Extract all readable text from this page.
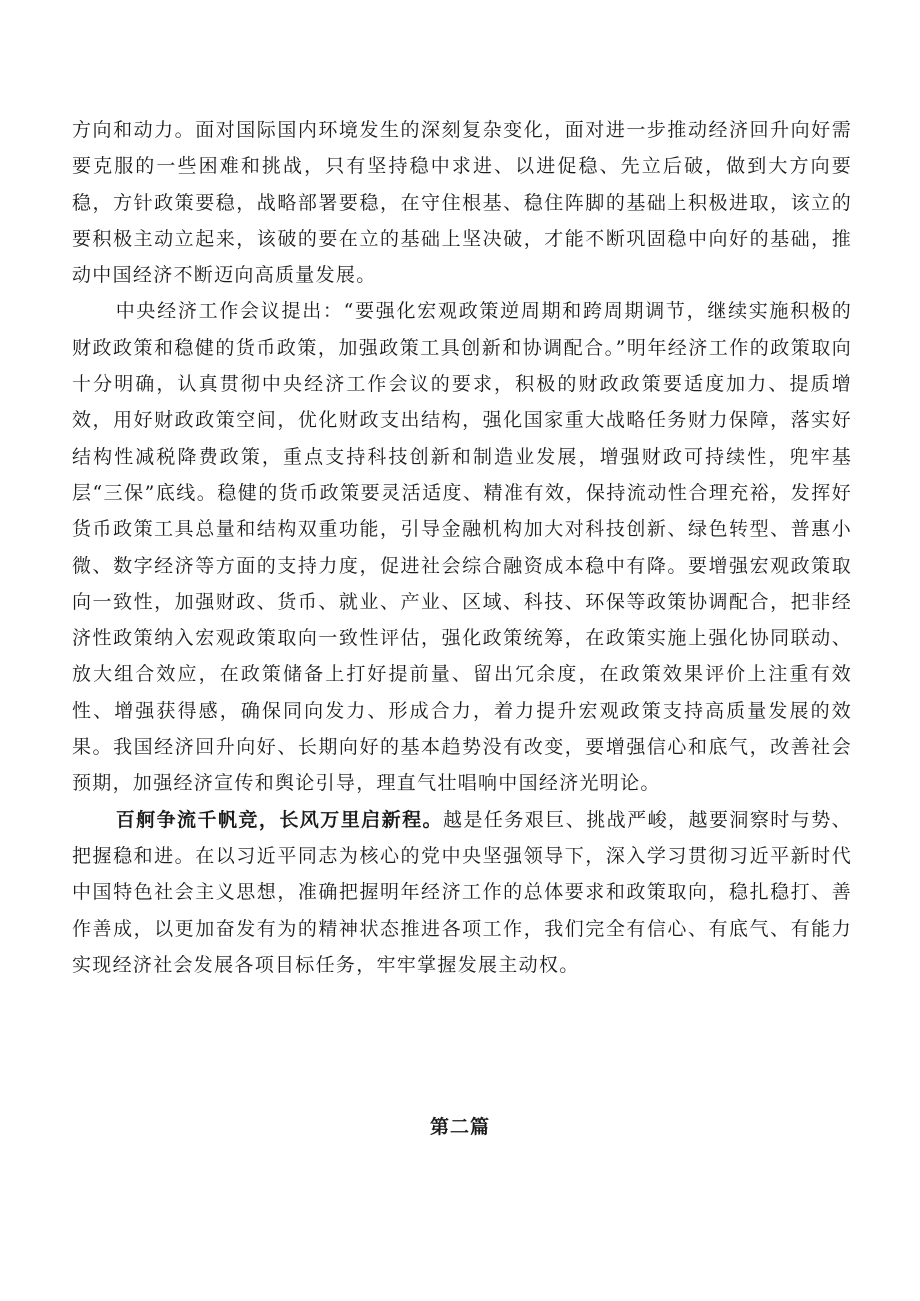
方向和动力。面对国际国内环境发生的深刻复杂变化，面对进一步推动经济回升向好需要克服的一些困难和挑战，只有坚持稳中求进、以进促稳、先立后破，做到大方向要稳，方针政策要稳，战略部署要稳，在守住根基、稳住阵脚的基础上积极进取，该立的要积极主动立起来，该破的要在立的基础上坚决破，才能不断巩固稳中向好的基础，推动中国经济不断迈向高质量发展。

中央经济工作会议提出：“要强化宏观政策逆周期和跨周期调节，继续实施积极的财政政策和稳健的货币政策，加强政策工具创新和协调配合。”明年经济工作的政策取向十分明确，认真贯彻中央经济工作会议的要求，积极的财政政策要适度加力、提质增效，用好财政政策空间，优化财政支出结构，强化国家重大战略任务财力保障，落实好结构性减税降费政策，重点支持科技创新和制造业发展，增强财政可持续性，兜牢基层“三保”底线。稳健的货币政策要灵活适度、精准有效，保持流动性合理充裕，发挥好货币政策工具总量和结构双重功能，引导金融机构加大对科技创新、绿色转型、普惠小微、数字经济等方面的支持力度，促进社会综合融资成本稳中有降。要增强宏观政策取向一致性，加强财政、货币、就业、产业、区域、科技、环保等政策协调配合，把非经济性政策纳入宏观政策取向一致性评估，强化政策统筹，在政策实施上强化协同联动、放大组合效应，在政策储备上打好提前量、留出冗余度，在政策效果评价上注重有效性、增强获得感，确保同向发力、形成合力，着力提升宏观政策支持高质量发展的效果。我国经济回升向好、长期向好的基本趋势没有改变，要增强信心和底气，改善社会预期，加强经济宣传和舆论引导，理直气壮唱响中国经济光明论。

百舸争流千帆竞，长风万里启新程。越是任务艰巨、挑战严峻，越要洞察时与势、把握稳和进。在以习近平同志为核心的党中央坚强领导下，深入学习贯彻习近平新时代中国特色社会主义思想，准确把握明年经济工作的总体要求和政策取向，稳扎稳打、善作善成，以更加奋发有为的精神状态推进各项工作，我们完全有信心、有底气、有能力实现经济社会发展各项目标任务，牢牢掌握发展主动权。

第二篇
